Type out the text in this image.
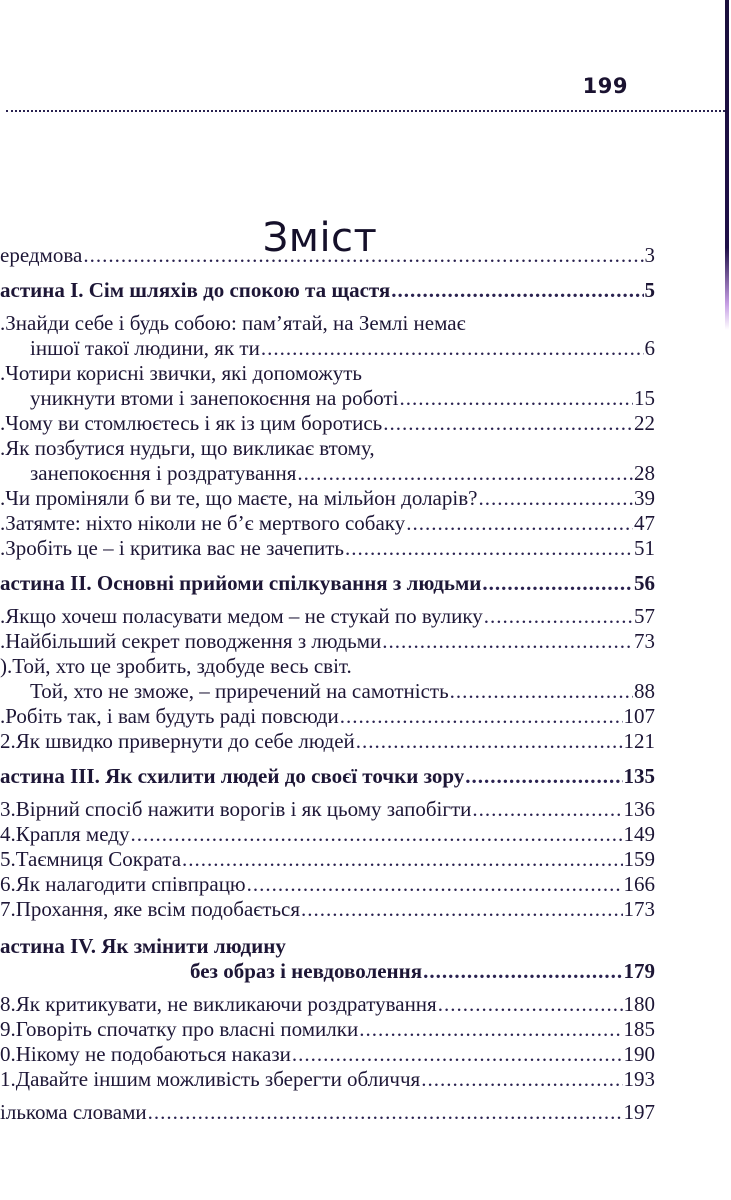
199
Зміст
ередмова .....	3
астина I. Сім шляхів до спокою та щастя .....	5
. Знайди себе і будь собою: пам’ятай, на Землі немає
іншої такої людини, як ти .....	6
. Чотири корисні звички, які допоможуть
уникнути втоми і занепокоєння на роботі .....	15
. Чому ви стомлюєтесь і як із цим боротись .....	22
. Як позбутися нудьги, що викликає втому,
занепокоєння і роздратування .....	28
. Чи проміняли б ви те, що маєте, на мільйон доларів? .....	39
. Затямте: ніхто ніколи не б’є мертвого собаку .....	47
. Зробіть це – і критика вас не зачепить .....	51
астина II. Основні прийоми спілкування з людьми .....	56
. Якщо хочеш поласувати медом – не стукай по вулику .....	57
. Найбільший секрет поводження з людьми .....	73
). Той, хто це зробить, здобуде весь світ.
Той, хто не зможе, – приречений на самотність .....	88
. Робіть так, і вам будуть раді повсюди .....	107
2. Як швидко привернути до себе людей .....	121
астина III. Як схилити людей до своєї точки зору .....	135
3. Вірний спосіб нажити ворогів і як цьому запобігти .....	136
4. Крапля меду .....	149
5. Таємниця Сократа .....	159
6. Як налагодити співпрацю .....	166
7. Прохання, яке всім подобається .....	173
астина IV. Як змінити людину
без образ і невдоволення .....	179
8. Як критикувати, не викликаючи роздратування .....	180
9. Говоріть спочатку про власні помилки .....	185
0. Нікому не подобаються накази .....	190
1. Давайте іншим можливість зберегти обличчя .....	193
ількома словами .....	197
